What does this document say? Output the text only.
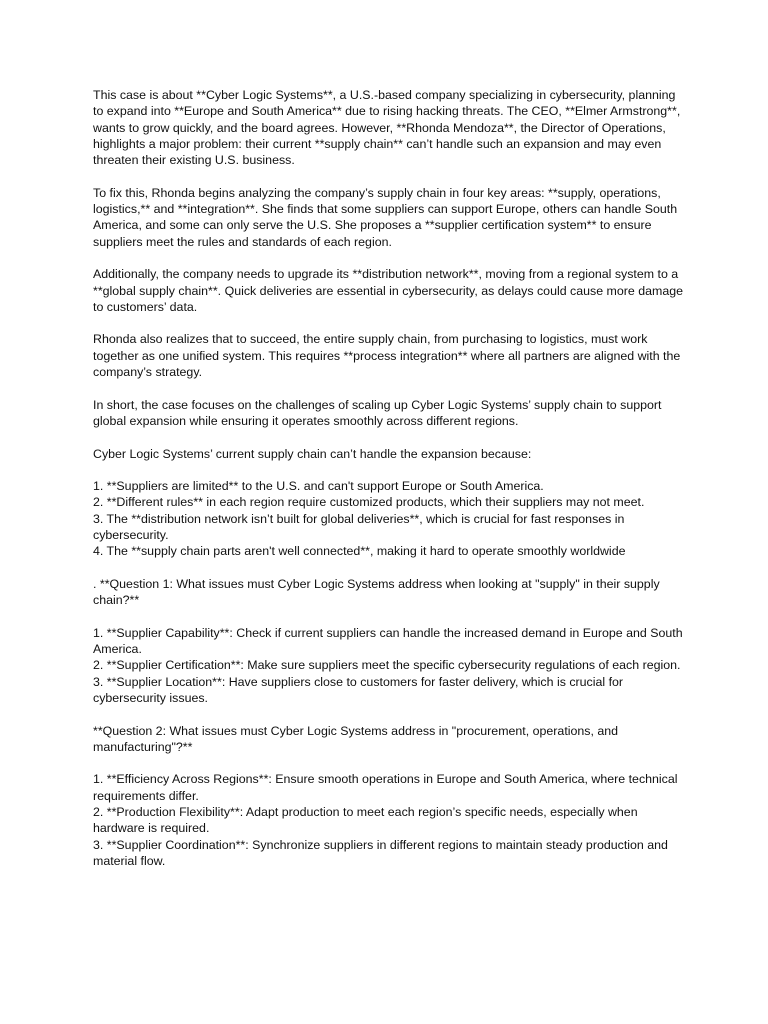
This case is about **Cyber Logic Systems**, a U.S.-based company specializing in cybersecurity, planning to expand into **Europe and South America** due to rising hacking threats. The CEO, **Elmer Armstrong**, wants to grow quickly, and the board agrees. However, **Rhonda Mendoza**, the Director of Operations, highlights a major problem: their current **supply chain** can’t handle such an expansion and may even threaten their existing U.S. business.

To fix this, Rhonda begins analyzing the company’s supply chain in four key areas: **supply, operations, logistics,** and **integration**. She finds that some suppliers can support Europe, others can handle South America, and some can only serve the U.S. She proposes a **supplier certification system** to ensure suppliers meet the rules and standards of each region.

Additionally, the company needs to upgrade its **distribution network**, moving from a regional system to a **global supply chain**. Quick deliveries are essential in cybersecurity, as delays could cause more damage to customers’ data.

Rhonda also realizes that to succeed, the entire supply chain, from purchasing to logistics, must work together as one unified system. This requires **process integration** where all partners are aligned with the company’s strategy.

In short, the case focuses on the challenges of scaling up Cyber Logic Systems’ supply chain to support global expansion while ensuring it operates smoothly across different regions.

Cyber Logic Systems’ current supply chain can’t handle the expansion because:

1. **Suppliers are limited** to the U.S. and can't support Europe or South America.
2. **Different rules** in each region require customized products, which their suppliers may not meet.
3. The **distribution network isn’t built for global deliveries**, which is crucial for fast responses in cybersecurity.
4. The **supply chain parts aren't well connected**, making it hard to operate smoothly worldwide

. **Question 1: What issues must Cyber Logic Systems address when looking at "supply" in their supply chain?**

1. **Supplier Capability**: Check if current suppliers can handle the increased demand in Europe and South America.
2. **Supplier Certification**: Make sure suppliers meet the specific cybersecurity regulations of each region.
3. **Supplier Location**: Have suppliers close to customers for faster delivery, which is crucial for cybersecurity issues.

**Question 2: What issues must Cyber Logic Systems address in "procurement, operations, and manufacturing"?**

1. **Efficiency Across Regions**: Ensure smooth operations in Europe and South America, where technical requirements differ.
2. **Production Flexibility**: Adapt production to meet each region’s specific needs, especially when hardware is required.
3. **Supplier Coordination**: Synchronize suppliers in different regions to maintain steady production and material flow.
